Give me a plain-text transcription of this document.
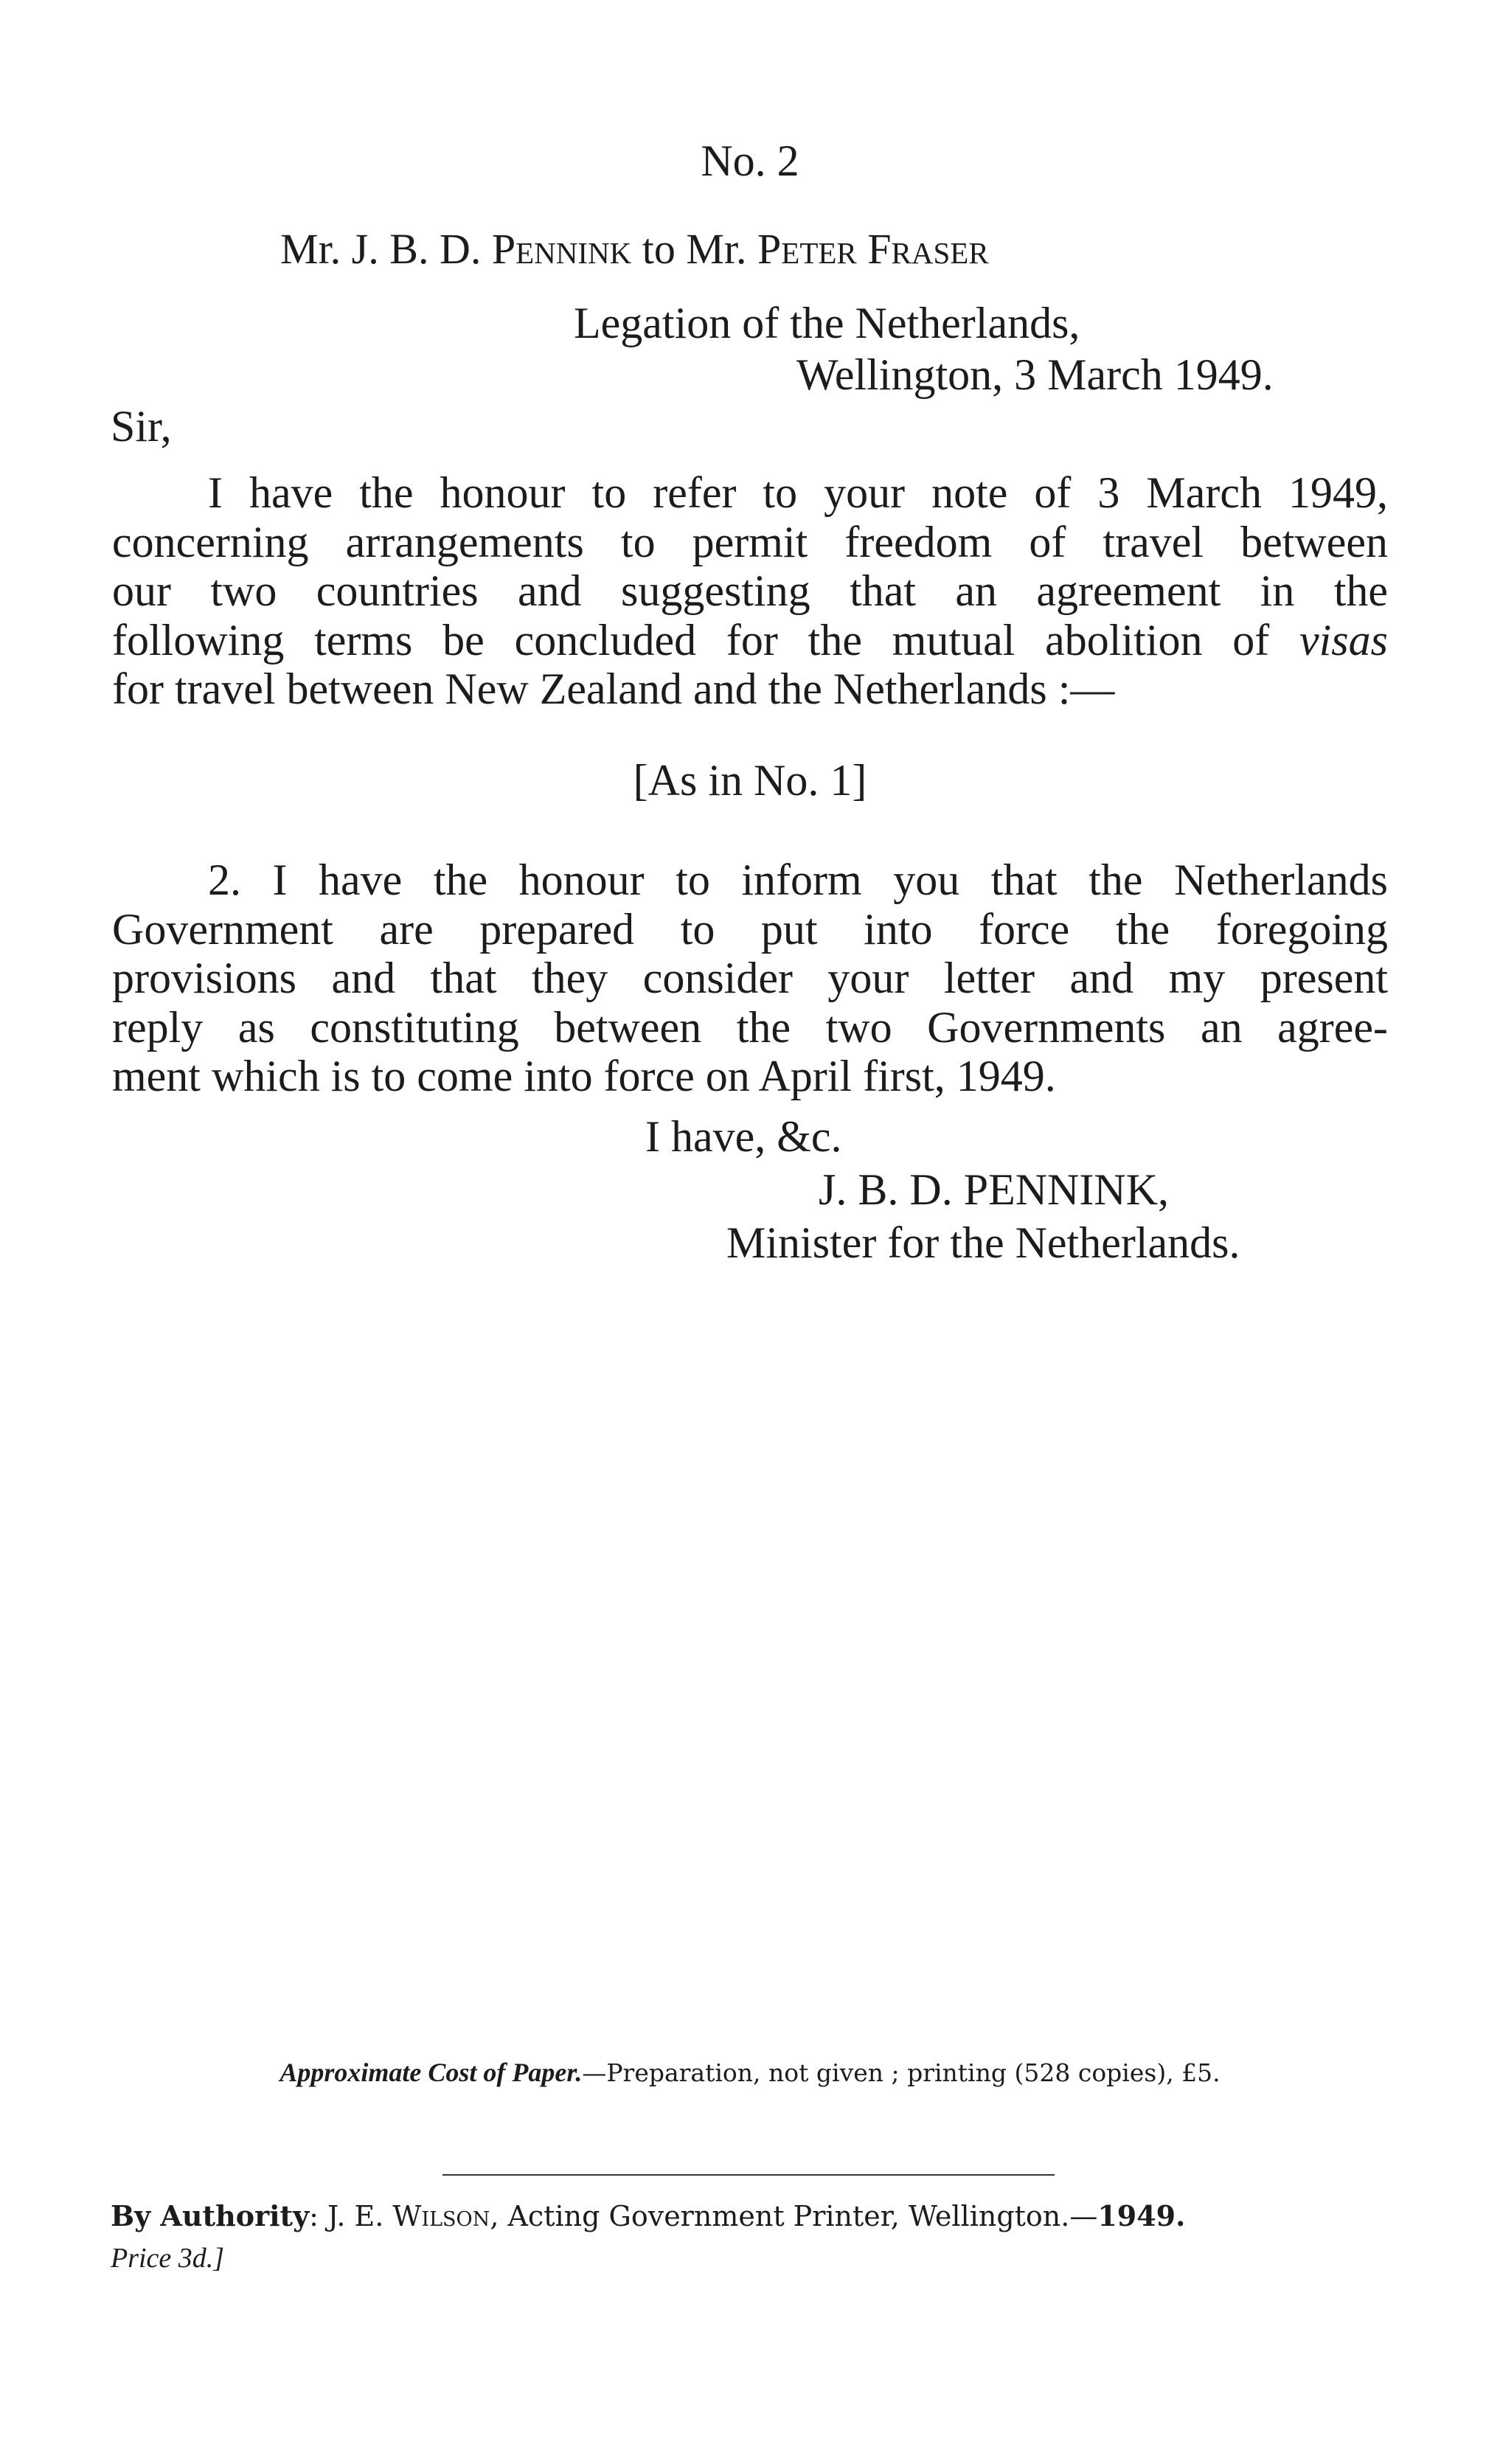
No. 2
Mr. J. B. D. Pennink to Mr. Peter Fraser
Legation of the Netherlands,
Wellington, 3 March 1949.
Sir,
I have the honour to refer to your note of 3 March 1949,
concerning arrangements to permit freedom of travel between
our two countries and suggesting that an agreement in the
following terms be concluded for the mutual abolition of visas
for travel between New Zealand and the Netherlands :—
[As in No. 1]
2. I have the honour to inform you that the Netherlands
Government are prepared to put into force the foregoing
provisions and that they consider your letter and my present
reply as constituting between the two Governments an agree-
ment which is to come into force on April first, 1949.
I have, &c.
J. B. D. PENNINK,
Minister for the Netherlands.
Approximate Cost of Paper.—Preparation, not given ; printing (528 copies), £5.
By Authority: J. E. Wilson, Acting Government Printer, Wellington.—1949.
Price 3d.]
